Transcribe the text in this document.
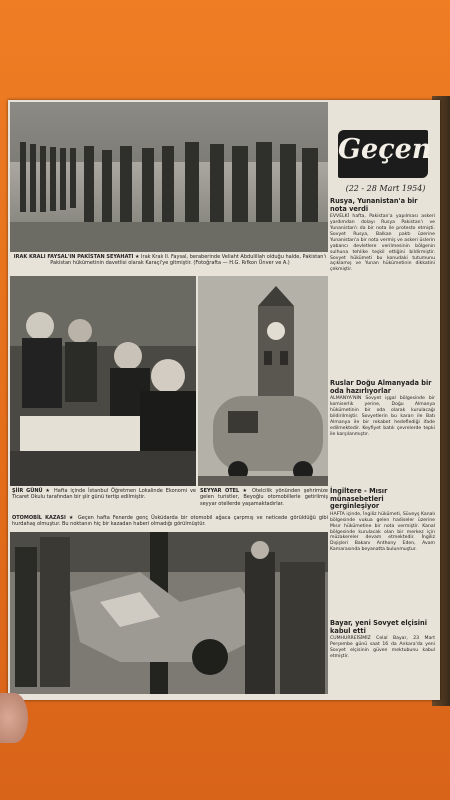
IRAK KRALI FAYSAL'IN PAKİSTAN SEYAHATI ★ Irak Kralı II. Faysal, beraberinde Veliaht Abdulillah olduğu halde, Pakistan'ı Pakistan hükümetinin davetlisi olarak Karaçi'ye gitmiştir. (Fotoğrafta — H.G. Rıfkon Ünver ve A.)
ŞİİR GÜNÜ ★ Hafta içinde İstanbul Öğretmen Lokalinde Ekonomi ve Ticaret Okulu tarafından bir şiir günü tertip edilmiştir.
SEYYAR OTEL ★ Otelcilik yönünden şehrimize gelen turistler, Beyoğlu otomobillerle getirilmiş seyyar otellerde yaşamaktadırlar.
OTOMOBİL KAZASI ★ Geçen hafta Fenerde genç Üsküdarda bir otomobil ağaca çarpmış ve neticede görüldüğü gibi hurdahaş olmuştur. Bu noktanın hiç bir kazadan haberi olmadığı görülmüştür.
Geçen
(22 - 28 Mart 1954)
Rusya, Yunanistan'a bir nota verdi

EVVELKİ hafta, Pakistan'a yapılması askeri yardımdan dolayı Rusya Pakistan'ı ve Yunanistan'ı da bir nota ile protesto etmişti. Sovyet Rusya, Balkan paktı üzerine Yunanistan'a bir nota vermiş ve askeri üslerin yabancı devletlere verilmesinin bölgenin sulhuna tehlike teşkil ettiğini bildirmiştir. Sovyet hükümeti bu konudaki tutumunu açıklamış ve Yunan hükümetinin dikkatini çekmiştir.

Ruslar Doğu Almanyada bir oda hazırlıyorlar

ALMANYA'NIN Sovyet işgal bölgesinde bir komiserlik yerine, Doğu Almanya hükümetinin bir oda olarak kurulacağı bildirilmiştir. Sovyetlerin bu kararı ile Batı Almanya ile bir rekabet hedeflediği ifade edilmektedir. Keyfiyet batılı çevrelerde tepki ile karşılanmıştır.

İngiltere - Mısır münasebetleri gerginleşiyor

HAFTA içinde, İngiliz hükümeti, Süveyş Kanalı bölgesinde vukua gelen hadiseler üzerine Mısır hükümetine bir nota vermiştir. Kanal bölgesinde kurulacak olan bir merkez için müzakereler devam etmektedir. İngiliz Dışişleri Bakanı Anthony Eden, Avam Kamarasında beyanatta bulunmuştur.

Bayar, yeni Sovyet elçisini kabul etti

CUMHURREİSİMİZ Celal Bayar, 23 Mart Perşembe günü saat 16 da Ankara'da yeni Sovyet elçisinin güven mektubunu kabul etmiştir.
